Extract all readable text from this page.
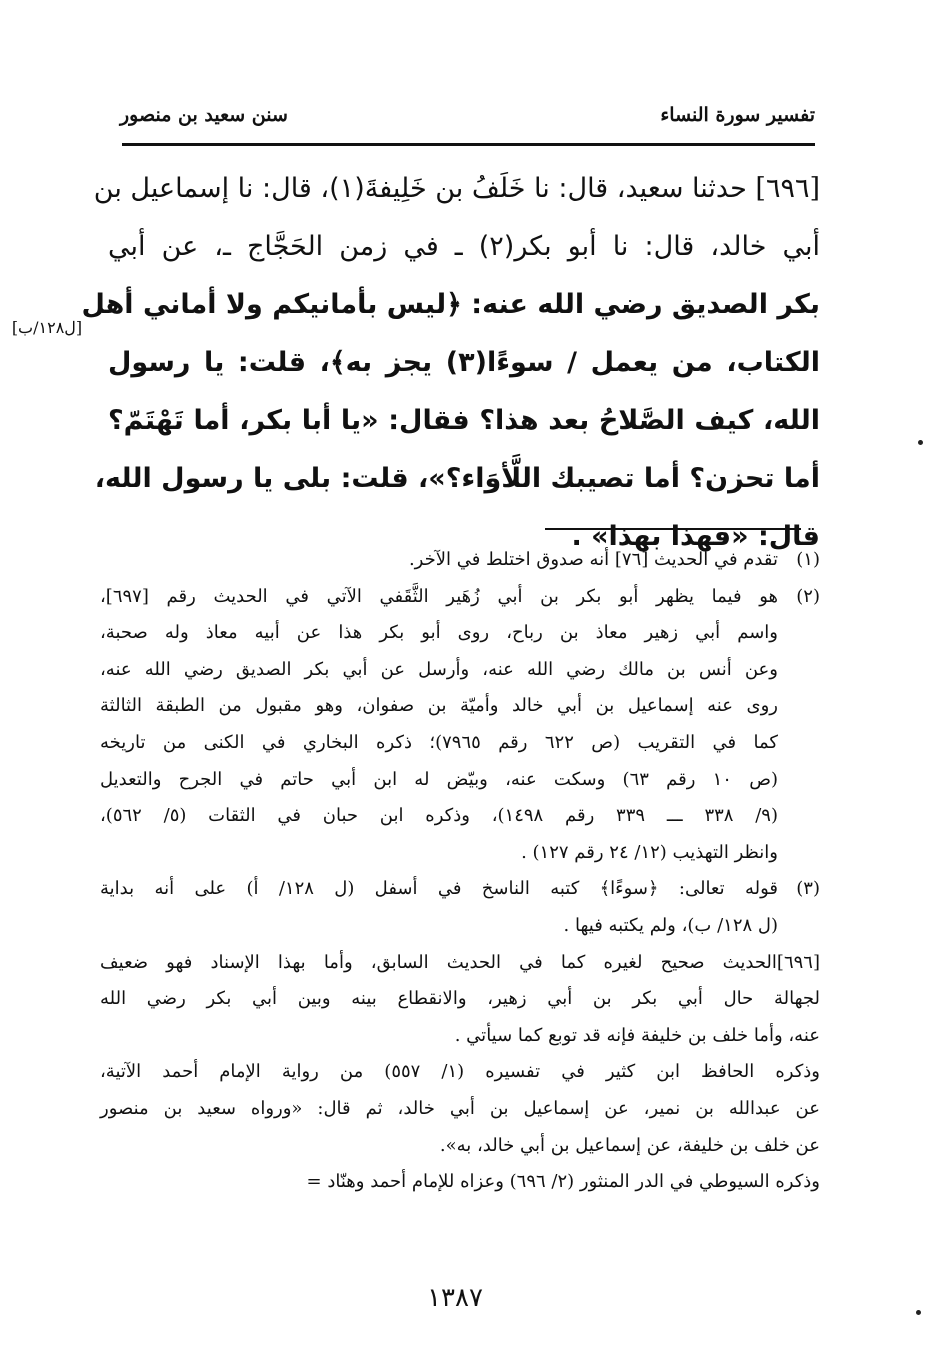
تفسير سورة النساء
سنن سعيد بن منصور
[ل١٢٨/ب]
[٦٩٦] حدثنا سعيد، قال: نا خَلَفُ بن خَلِيفةَ(١)، قال: نا إسماعيل بن
أبي خالد، قال: نا أبو بكر(٢) ـ في زمن الحَجَّاج ـ، عن أبي
بكر الصديق رضي الله عنه: ﴿ليس بأمانيكم ولا أماني أهل
الكتاب، من يعمل / سوءًا(٣) يجز به﴾، قلت: يا رسول
الله، كيف الصَّلاحُ بعد هذا؟ فقال: «يا أبا بكر، أما تَهْتَمّ؟
أما تحزن؟ أما تصيبك اللَّأوَاء؟»، قلت: بلى يا رسول الله،
قال: «فهذا بهذا» .
(١)
تقدم في الحديث [٧٦] أنه صدوق اختلط في الآخر.
(٢)
هو فيما يظهر أبو بكر بن أبي زُهَير الثَّقَفي الآتي في الحديث رقم [٦٩٧]،
واسم أبي زهير معاذ بن رباح، روى أبو بكر هذا عن أبيه معاذ وله صحبة،
وعن أنس بن مالك رضي الله عنه، وأرسل عن أبي بكر الصديق رضي الله عنه،
روى عنه إسماعيل بن أبي خالد وأميّة بن صفوان، وهو مقبول من الطبقة الثالثة
كما في التقريب (ص ٦٢٢ رقم ٧٩٦٥)؛ ذكره البخاري في الكنى من تاريخه
(ص ١٠ رقم ٦٣) وسكت عنه، وبيّض له ابن أبي حاتم في الجرح والتعديل
(٩/ ٣٣٨ ـــ ٣٣٩ رقم ١٤٩٨)، وذكره ابن حبان في الثقات (٥/ ٥٦٢)،
وانظر التهذيب (١٢/ ٢٤ رقم ١٢٧) .
(٣)
قوله تعالى: ﴿سوءًا﴾ كتبه الناسخ في أسفل (ل ١٢٨/ أ) على أنه بداية
(ل ١٢٨/ ب)، ولم يكتبه فيها .
[٦٩٦]الحديث صحيح لغيره كما في الحديث السابق، وأما بهذا الإسناد فهو ضعيف
لجهالة حال أبي بكر بن أبي زهير، والانقطاع بينه وبين أبي بكر رضي الله
عنه، وأما خلف بن خليفة فإنه قد توبع كما سيأتي .
وذكره الحافظ ابن كثير في تفسيره (١/ ٥٥٧) من رواية الإمام أحمد الآتية،
عن عبدالله بن نمير، عن إسماعيل بن أبي خالد، ثم قال: «ورواه سعيد بن منصور
عن خلف بن خليفة، عن إسماعيل بن أبي خالد، به».
وذكره السيوطي في الدر المنثور (٢/ ٦٩٦) وعزاه للإمام أحمد وهنّاد =
١٣٨٧
